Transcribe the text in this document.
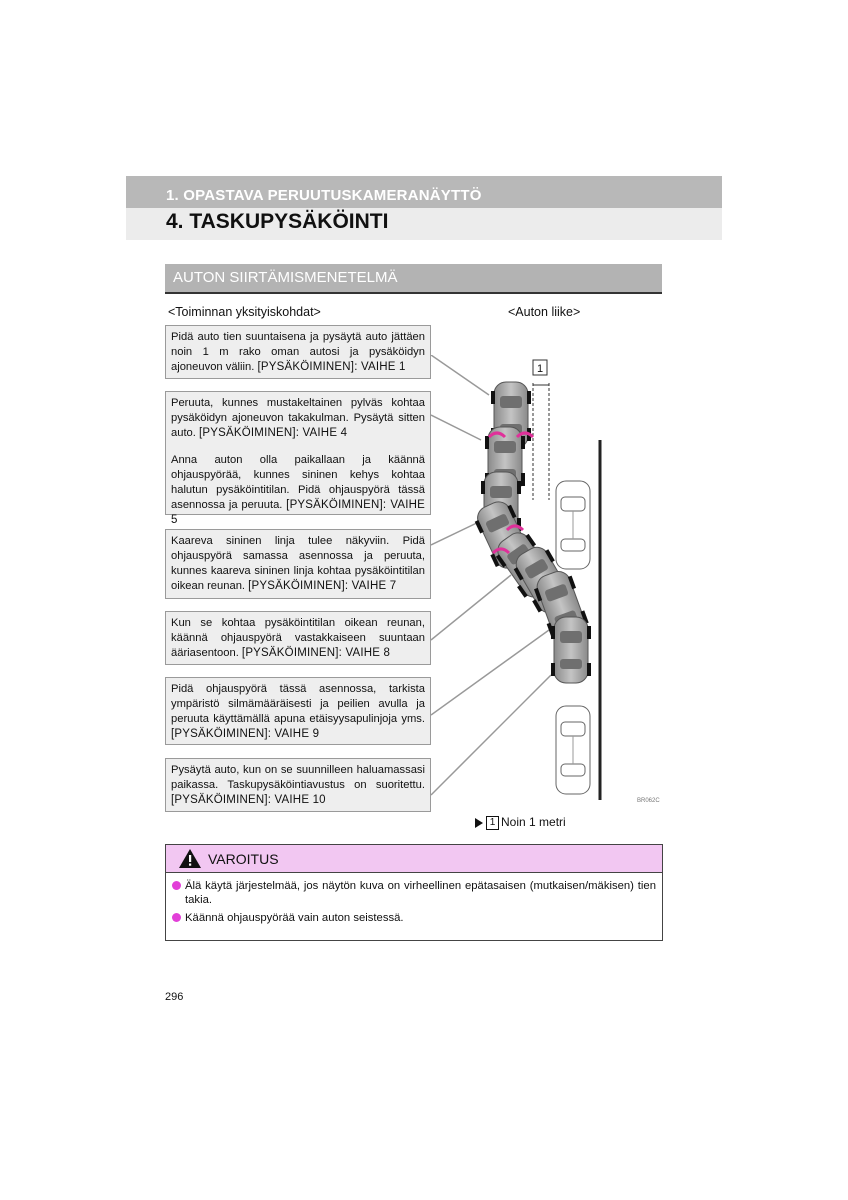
1. OPASTAVA PERUUTUSKAMERANÄYTTÖ
4. TASKUPYSÄKÖINTI
AUTON SIIRTÄMISMENETELMÄ
<Toiminnan yksityiskohdat>	<Auton liike>

Pidä auto tien suuntaisena ja pysäytä auto jättäen noin 1 m rako oman autosi ja pysäköidyn ajoneuvon väliin. [PYSÄKÖIMINEN]: VAIHE 1

Peruuta, kunnes mustakeltainen pylväs kohtaa pysäköidyn ajoneuvon takakulman. Pysäytä sitten auto. [PYSÄKÖIMINEN]: VAIHE 4

Anna auton olla paikallaan ja käännä ohjauspyörää, kunnes sininen kehys kohtaa halutun pysäköintitilan. Pidä ohjauspyörä tässä asennossa ja peruuta. [PYSÄKÖIMINEN]: VAIHE 5

Kaareva sininen linja tulee näkyviin. Pidä ohjauspyörä samassa asennossa ja peruuta, kunnes kaareva sininen linja kohtaa pysäköintitilan oikean reunan. [PYSÄKÖIMINEN]: VAIHE 7

Kun se kohtaa pysäköintitilan oikean reunan, käännä ohjauspyörä vastakkaiseen suuntaan ääriasentoon. [PYSÄKÖIMINEN]: VAIHE 8

Pidä ohjauspyörä tässä asennossa, tarkista ympäristö silmämääräisesti ja peilien avulla ja peruuta käyttämällä apuna etäisyysapulinjoja yms. [PYSÄKÖIMINEN]: VAIHE 9

Pysäytä auto, kun on se suunnilleen haluamassasi paikassa. Taskupysäköintiavustus on suoritettu. [PYSÄKÖIMINEN]: VAIHE 10

1
BR062C
1 Noin 1 metri
VAROITUS
Älä käytä järjestelmää, jos näytön kuva on virheellinen epätasaisen (mutkaisen/mäkisen) tien takia.
Käännä ohjauspyörää vain auton seistessä.
296
